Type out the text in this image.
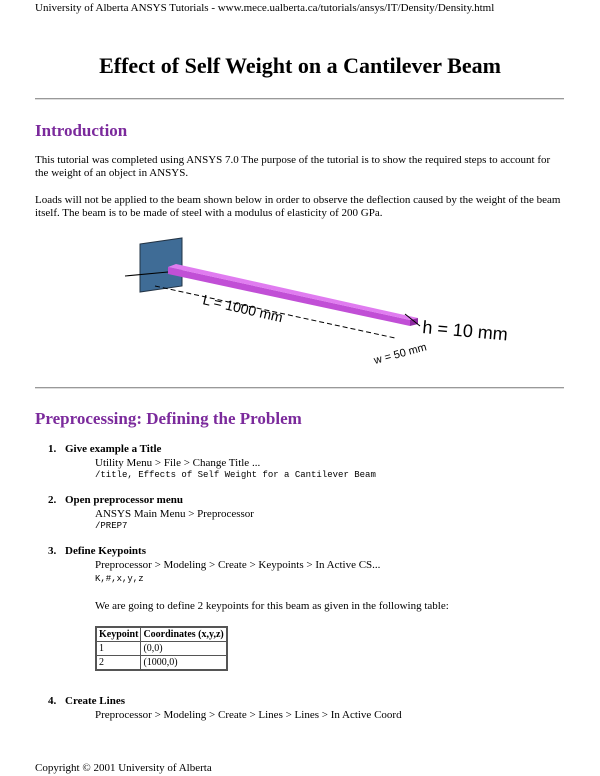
University of Alberta ANSYS Tutorials - www.mece.ualberta.ca/tutorials/ansys/IT/Density/Density.html
Effect of Self Weight on a Cantilever Beam
Introduction

This tutorial was completed using ANSYS 7.0 The purpose of the tutorial is to show the required steps to account for the weight of an object in ANSYS.

Loads will not be applied to the beam shown below in order to observe the deflection caused by the weight of the beam itself. The beam is to be made of steel with a modulus of elasticity of 200 GPa.

L = 1000 mm
h = 10 mm
w = 50 mm
Preprocessing: Defining the Problem
1. Give example a Title
Utility Menu > File > Change Title ...
/title, Effects of Self Weight for a Cantilever Beam
2. Open preprocessor menu
ANSYS Main Menu > Preprocessor
/PREP7
3. Define Keypoints
Preprocessor > Modeling > Create > Keypoints > In Active CS...
K,#,x,y,z
We are going to define 2 keypoints for this beam as given in the following table:
4. Create Lines
Preprocessor > Modeling > Create > Lines > Lines > In Active Coord
Keypoint	Coordinates (x,y,z)
1	(0,0)
2	(1000,0)
Copyright © 2001 University of Alberta
